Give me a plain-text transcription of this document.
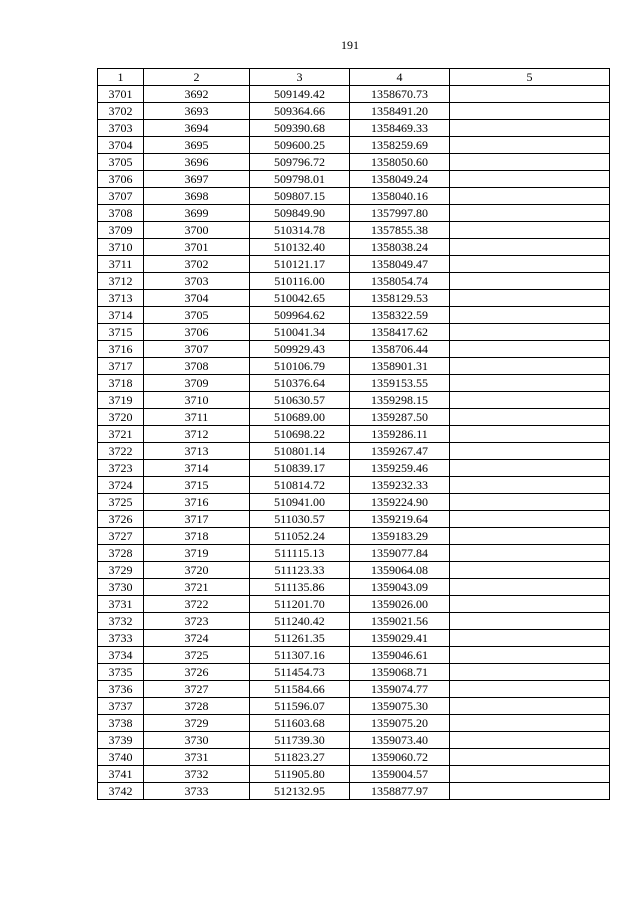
191
1	2	3	4	5
3701	3692	509149.42	1358670.73	
3702	3693	509364.66	1358491.20	
3703	3694	509390.68	1358469.33	
3704	3695	509600.25	1358259.69	
3705	3696	509796.72	1358050.60	
3706	3697	509798.01	1358049.24	
3707	3698	509807.15	1358040.16	
3708	3699	509849.90	1357997.80	
3709	3700	510314.78	1357855.38	
3710	3701	510132.40	1358038.24	
3711	3702	510121.17	1358049.47	
3712	3703	510116.00	1358054.74	
3713	3704	510042.65	1358129.53	
3714	3705	509964.62	1358322.59	
3715	3706	510041.34	1358417.62	
3716	3707	509929.43	1358706.44	
3717	3708	510106.79	1358901.31	
3718	3709	510376.64	1359153.55	
3719	3710	510630.57	1359298.15	
3720	3711	510689.00	1359287.50	
3721	3712	510698.22	1359286.11	
3722	3713	510801.14	1359267.47	
3723	3714	510839.17	1359259.46	
3724	3715	510814.72	1359232.33	
3725	3716	510941.00	1359224.90	
3726	3717	511030.57	1359219.64	
3727	3718	511052.24	1359183.29	
3728	3719	511115.13	1359077.84	
3729	3720	511123.33	1359064.08	
3730	3721	511135.86	1359043.09	
3731	3722	511201.70	1359026.00	
3732	3723	511240.42	1359021.56	
3733	3724	511261.35	1359029.41	
3734	3725	511307.16	1359046.61	
3735	3726	511454.73	1359068.71	
3736	3727	511584.66	1359074.77	
3737	3728	511596.07	1359075.30	
3738	3729	511603.68	1359075.20	
3739	3730	511739.30	1359073.40	
3740	3731	511823.27	1359060.72	
3741	3732	511905.80	1359004.57	
3742	3733	512132.95	1358877.97	
